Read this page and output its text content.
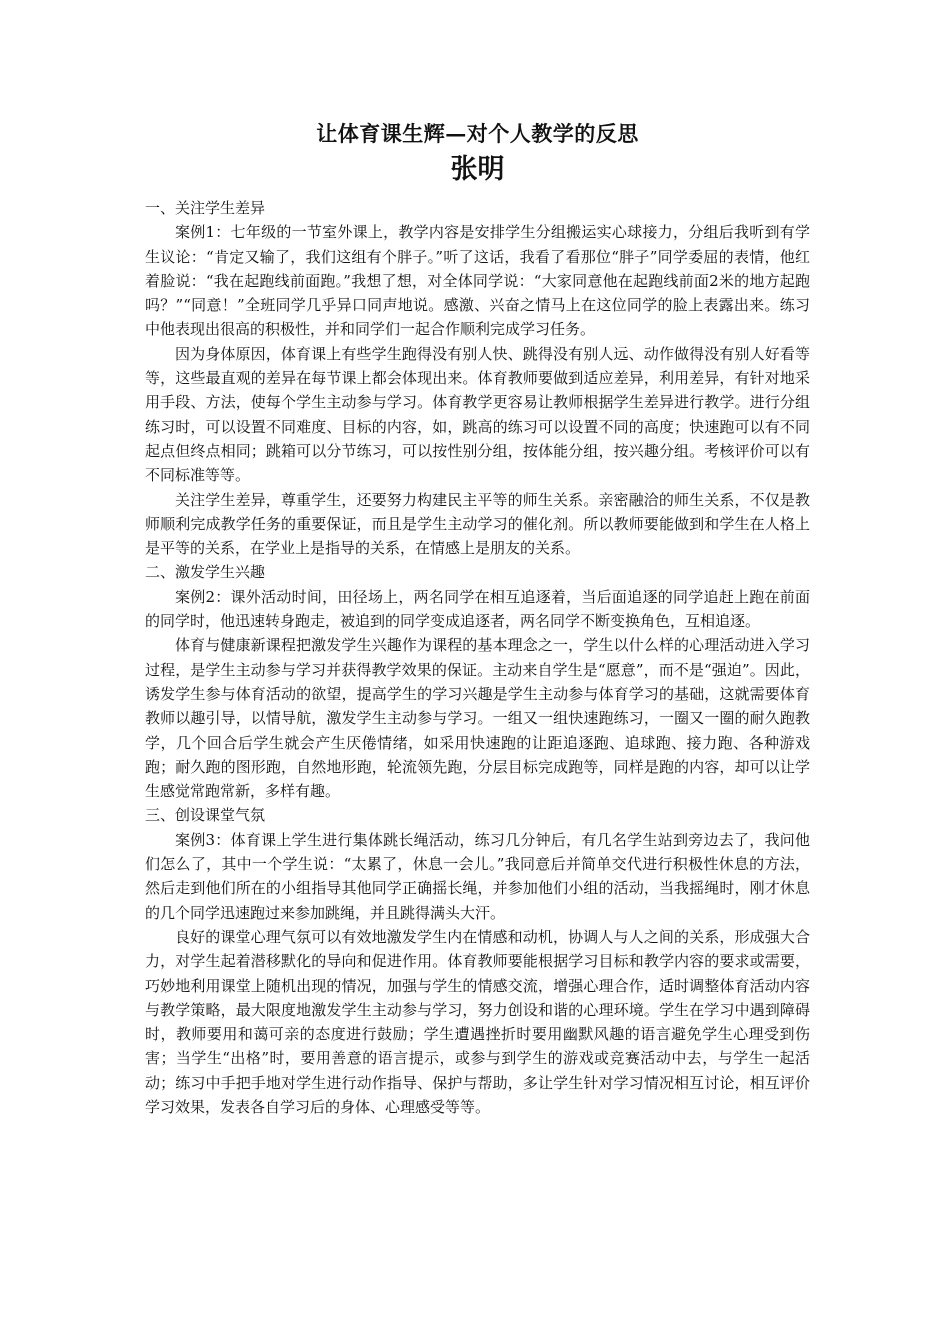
让体育课生辉—对个人教学的反思
张明

一、关注学生差异

案例1：七年级的一节室外课上，教学内容是安排学生分组搬运实心球接力，分组后我听到有学生议论：“肯定又输了，我们这组有个胖子。”听了这话，我看了看那位“胖子”同学委屈的表情，他红着脸说：“我在起跑线前面跑。”我想了想，对全体同学说：“大家同意他在起跑线前面2米的地方起跑吗？”“同意！”全班同学几乎异口同声地说。感激、兴奋之情马上在这位同学的脸上表露出来。练习中他表现出很高的积极性，并和同学们一起合作顺利完成学习任务。

因为身体原因，体育课上有些学生跑得没有别人快、跳得没有别人远、动作做得没有别人好看等等，这些最直观的差异在每节课上都会体现出来。体育教师要做到适应差异，利用差异，有针对地采用手段、方法，使每个学生主动参与学习。体育教学更容易让教师根据学生差异进行教学。进行分组练习时，可以设置不同难度、目标的内容，如，跳高的练习可以设置不同的高度；快速跑可以有不同起点但终点相同；跳箱可以分节练习，可以按性别分组，按体能分组，按兴趣分组。考核评价可以有不同标准等等。

关注学生差异，尊重学生，还要努力构建民主平等的师生关系。亲密融洽的师生关系，不仅是教师顺利完成教学任务的重要保证，而且是学生主动学习的催化剂。所以教师要能做到和学生在人格上是平等的关系，在学业上是指导的关系，在情感上是朋友的关系。

二、激发学生兴趣

案例2：课外活动时间，田径场上，两名同学在相互追逐着，当后面追逐的同学追赶上跑在前面的同学时，他迅速转身跑走，被追到的同学变成追逐者，两名同学不断变换角色，互相追逐。

体育与健康新课程把激发学生兴趣作为课程的基本理念之一，学生以什么样的心理活动进入学习过程，是学生主动参与学习并获得教学效果的保证。主动来自学生是“愿意”，而不是“强迫”。因此，诱发学生参与体育活动的欲望，提高学生的学习兴趣是学生主动参与体育学习的基础，这就需要体育教师以趣引导，以情导航，激发学生主动参与学习。一组又一组快速跑练习，一圈又一圈的耐久跑教学，几个回合后学生就会产生厌倦情绪，如采用快速跑的让距追逐跑、追球跑、接力跑、各种游戏跑；耐久跑的图形跑，自然地形跑，轮流领先跑，分层目标完成跑等，同样是跑的内容，却可以让学生感觉常跑常新，多样有趣。

三、创设课堂气氛

案例3：体育课上学生进行集体跳长绳活动，练习几分钟后，有几名学生站到旁边去了，我问他们怎么了，其中一个学生说：“太累了，休息一会儿。”我同意后并简单交代进行积极性休息的方法，然后走到他们所在的小组指导其他同学正确摇长绳，并参加他们小组的活动，当我摇绳时，刚才休息的几个同学迅速跑过来参加跳绳，并且跳得满头大汗。

良好的课堂心理气氛可以有效地激发学生内在情感和动机，协调人与人之间的关系，形成强大合力，对学生起着潜移默化的导向和促进作用。体育教师要能根据学习目标和教学内容的要求或需要，巧妙地利用课堂上随机出现的情况，加强与学生的情感交流，增强心理合作，适时调整体育活动内容与教学策略，最大限度地激发学生主动参与学习，努力创设和谐的心理环境。学生在学习中遇到障碍时，教师要用和蔼可亲的态度进行鼓励；学生遭遇挫折时要用幽默风趣的语言避免学生心理受到伤害；当学生“出格”时，要用善意的语言提示，或参与到学生的游戏或竞赛活动中去，与学生一起活动；练习中手把手地对学生进行动作指导、保护与帮助，多让学生针对学习情况相互讨论，相互评价学习效果，发表各自学习后的身体、心理感受等等。
